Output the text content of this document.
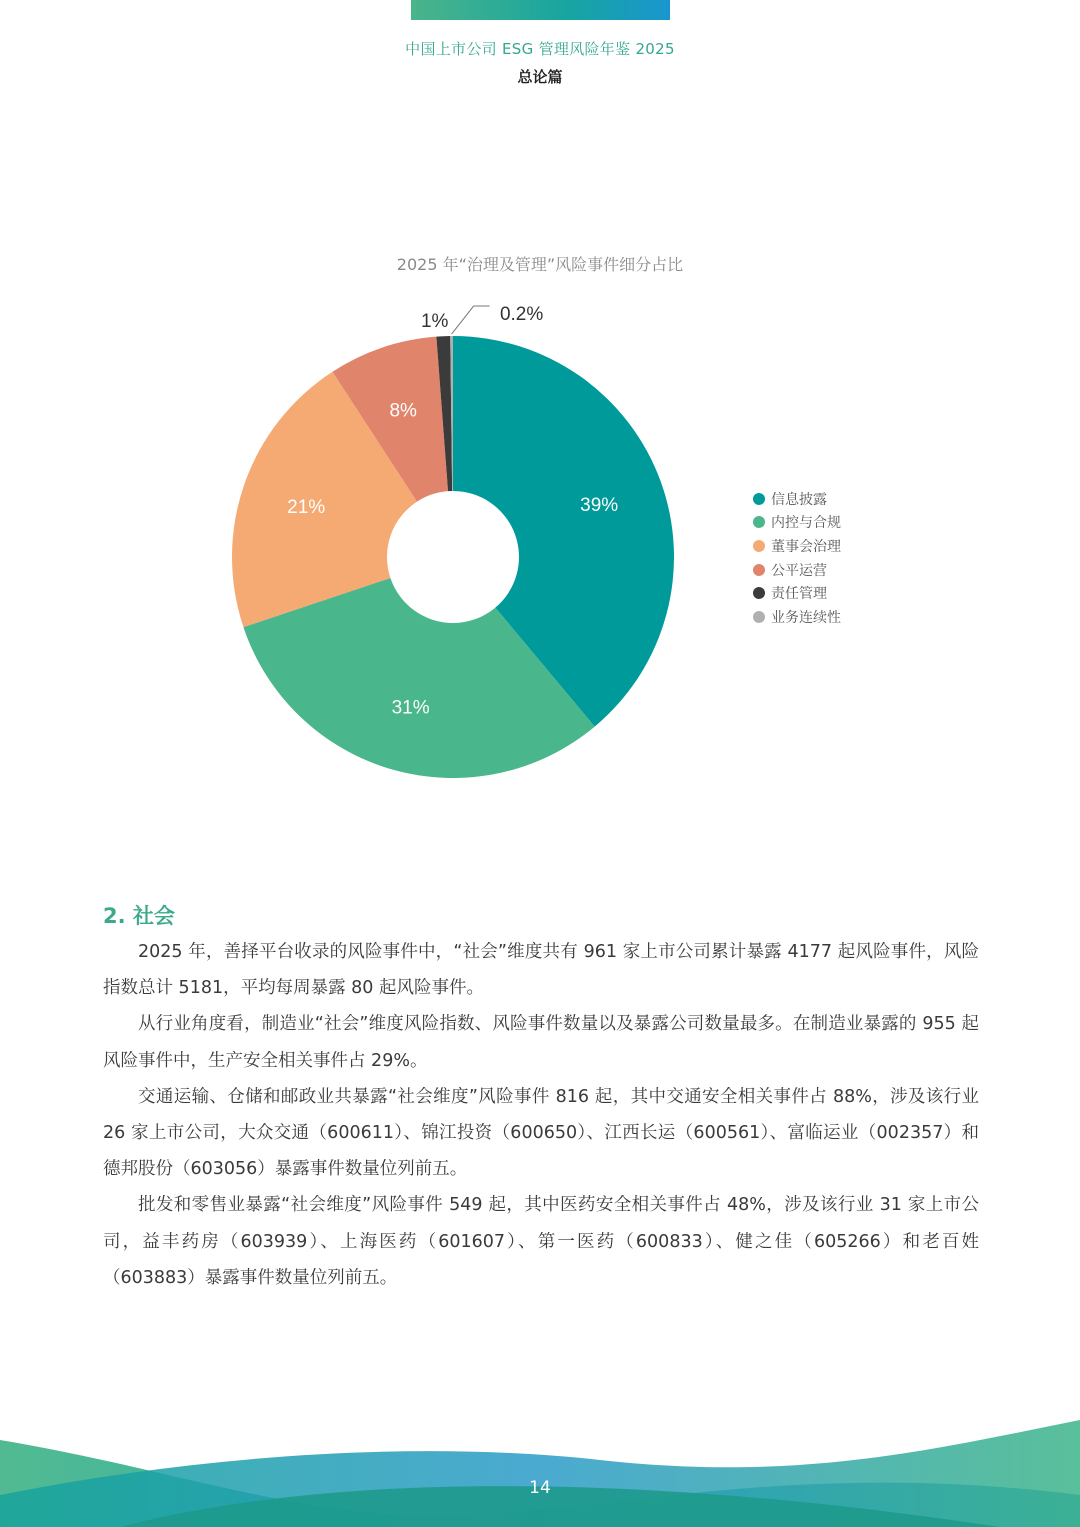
中国上市公司 ESG 管理风险年鉴 2025
总论篇
2025 年“治理及管理”风险事件细分占比
39%
31%
21%
8%
1%	0.2%
信息披露
内控与合规
董事会治理
公平运营
责任管理
业务连续性
2. 社会

2025 年，善择平台收录的风险事件中，“社会”维度共有 961 家上市公司累计暴露 4177 起风险事件，风险指数总计 5181，平均每周暴露 80 起风险事件。

从行业角度看，制造业“社会”维度风险指数、风险事件数量以及暴露公司数量最多。在制造业暴露的 955 起风险事件中，生产安全相关事件占 29%。

交通运输、仓储和邮政业共暴露“社会维度”风险事件 816 起，其中交通安全相关事件占 88%，涉及该行业 26 家上市公司，大众交通（600611）、锦江投资（600650）、江西长运（600561）、富临运业（002357）和德邦股份（603056）暴露事件数量位列前五。

批发和零售业暴露“社会维度”风险事件 549 起，其中医药安全相关事件占 48%，涉及该行业 31 家上市公司，益丰药房（603939）、上海医药（601607）、第一医药（600833）、健之佳（605266）和老百姓（603883）暴露事件数量位列前五。

14
